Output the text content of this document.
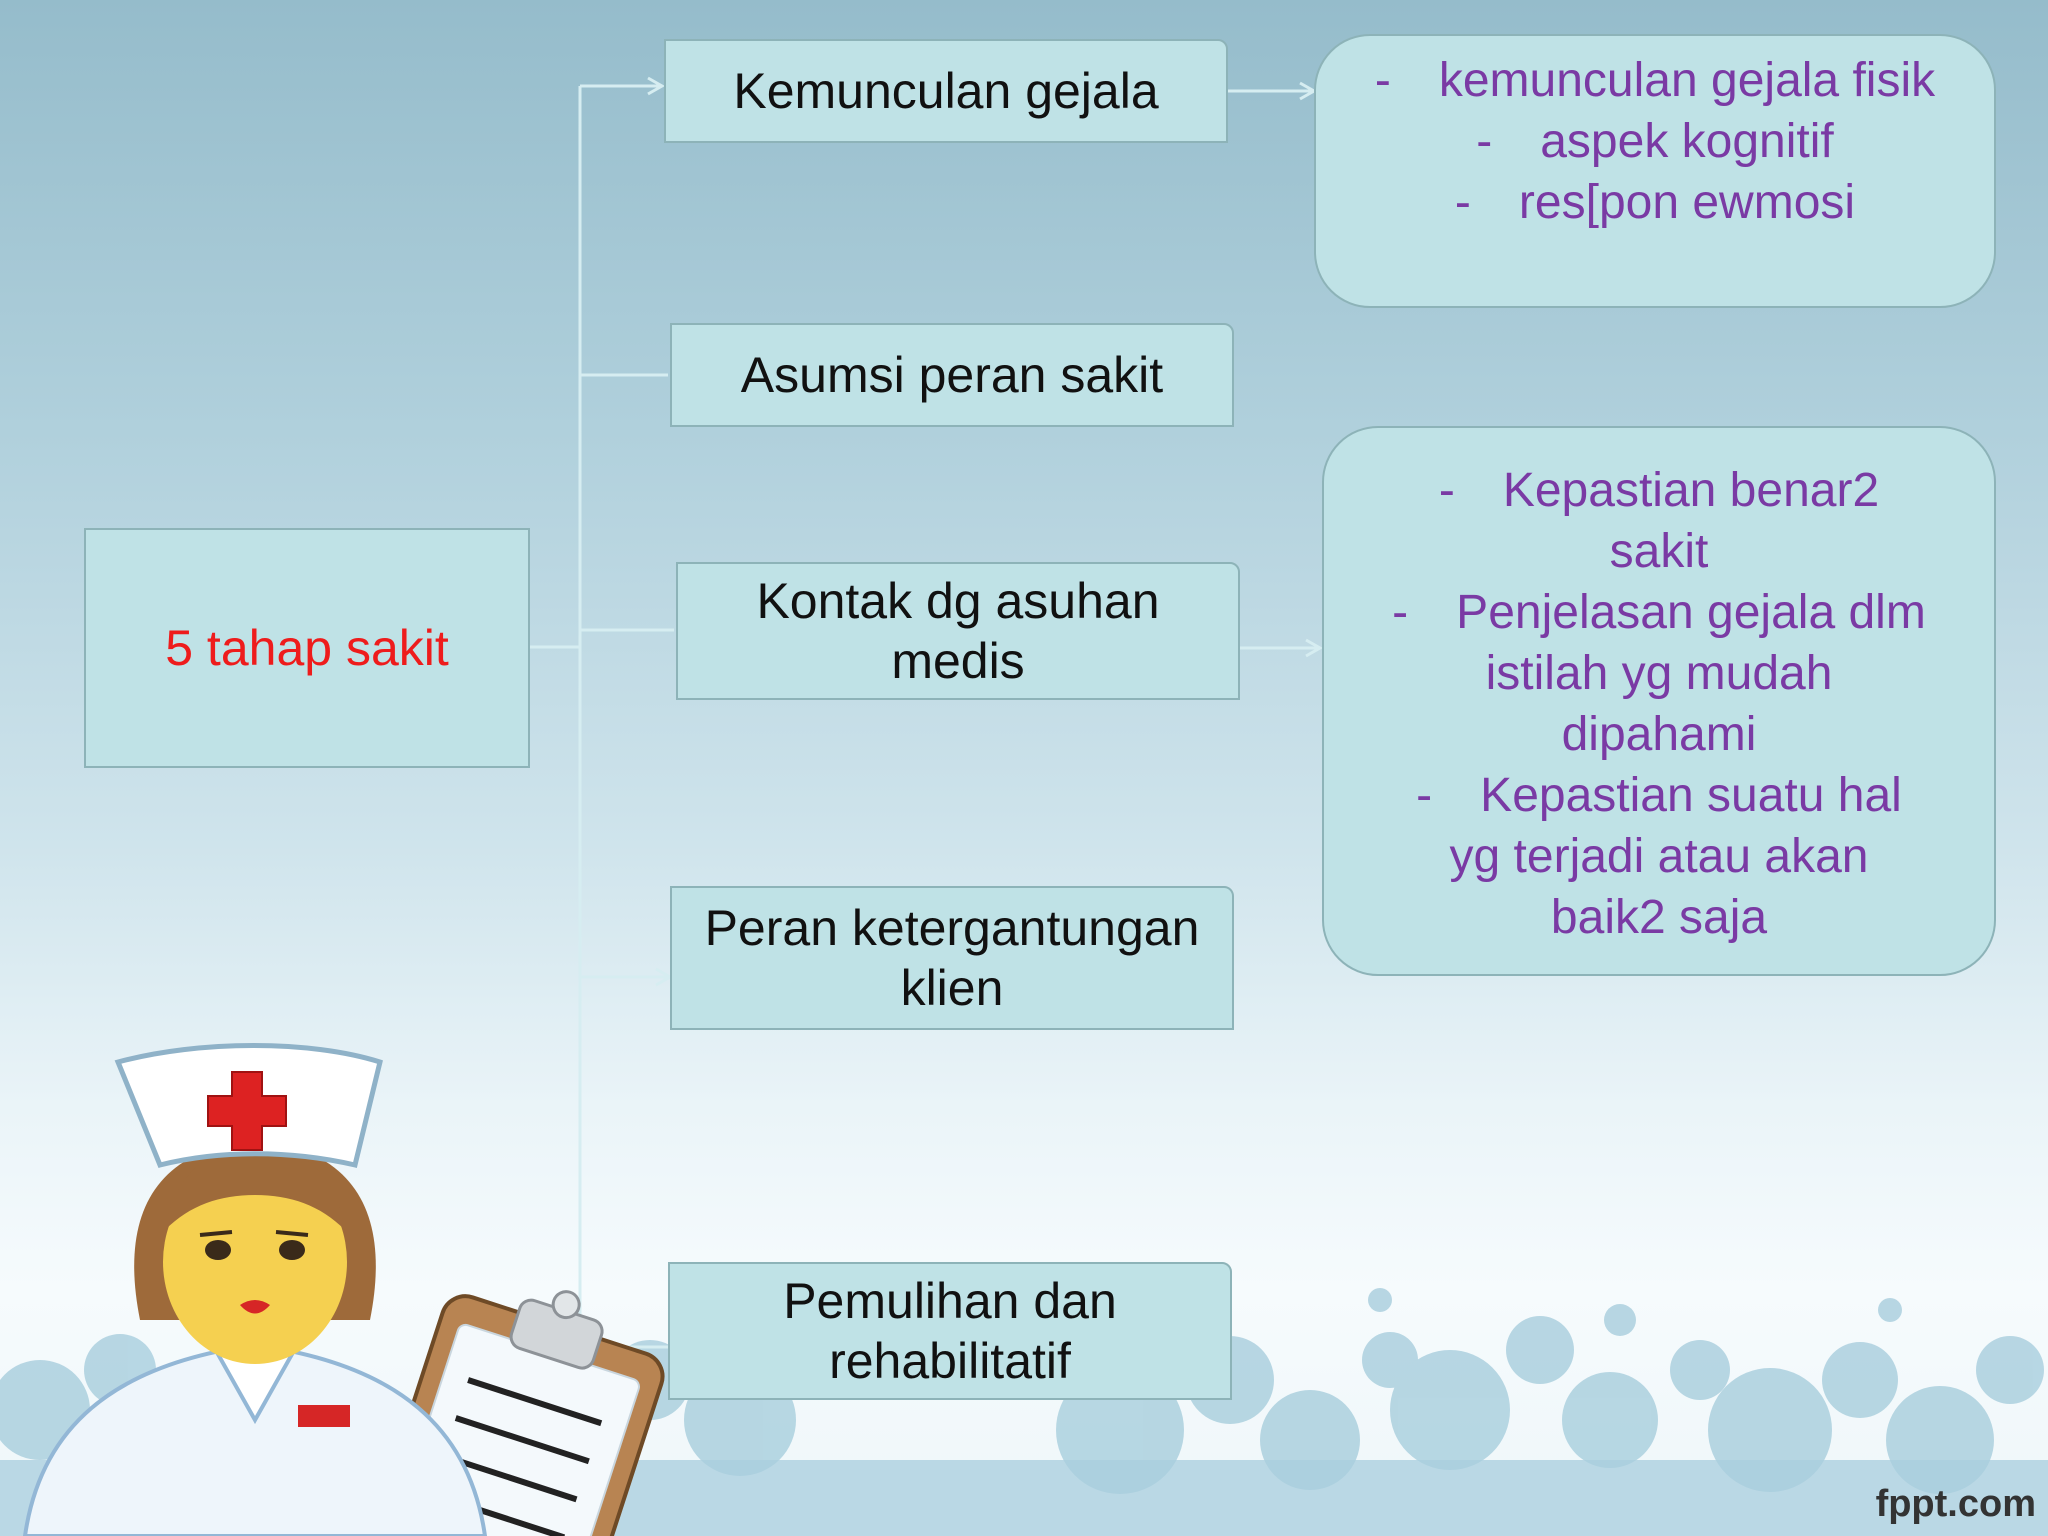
5 tahap sakit
Kemunculan gejala
Asumsi peran sakit
Kontak dg asuhan
medis
Peran ketergantungan
klien
Pemulihan dan
rehabilitatif
-	kemunculan gejala fisik
-	aspek kognitif
-	res[pon ewmosi
-	Kepastian benar2
sakit
-	Penjelasan gejala dlm
istilah yg mudah
dipahami
-	Kepastian suatu hal
yg terjadi atau akan
baik2 saja
fppt.com
